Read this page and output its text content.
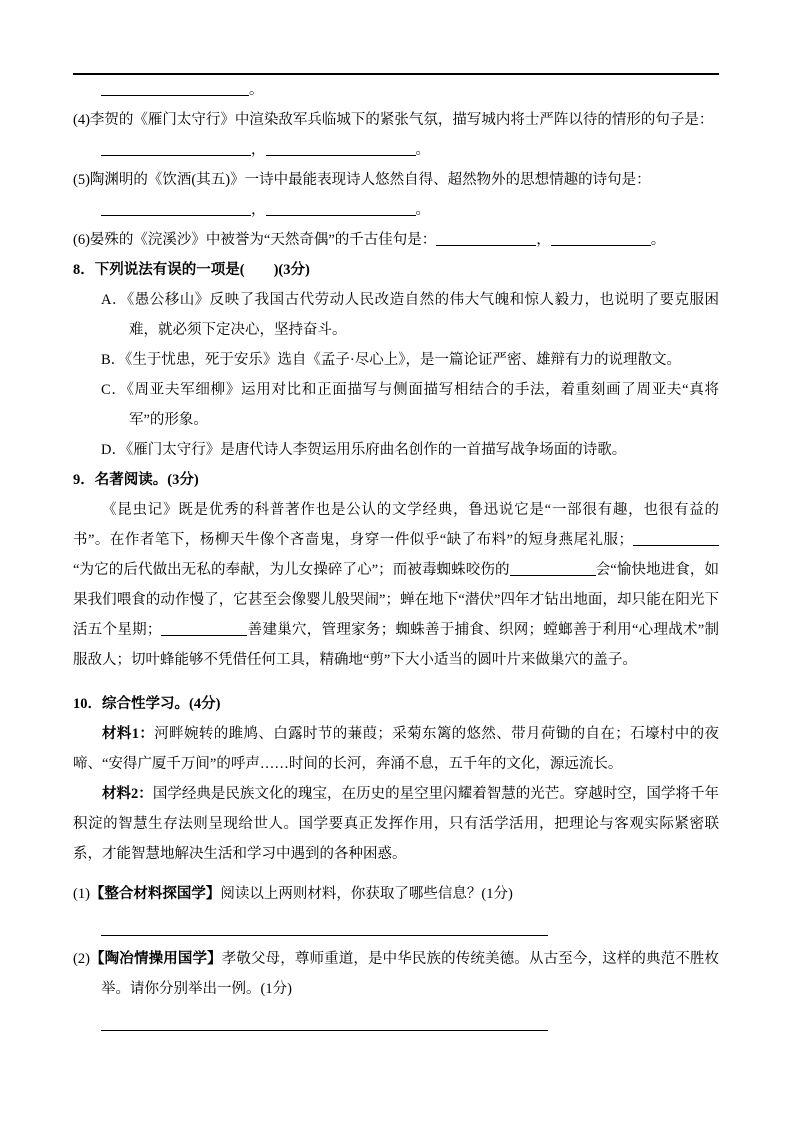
。
(4)李贺的《雁门太守行》中渲染敌军兵临城下的紧张气氛，描写城内将士严阵以待的情形的句子是：
，	。
(5)陶渊明的《饮酒(其五)》一诗中最能表现诗人悠然自得、超然物外的思想情趣的诗句是：
，	。
(6)晏殊的《浣溪沙》中被誉为“天然奇偶”的千古佳句是：	，	。
8．下列说法有误的一项是(　　)(3分)
A．《愚公移山》反映了我国古代劳动人民改造自然的伟大气魄和惊人毅力，也说明了要克服困难，就必须下定决心，坚持奋斗。
B．《生于忧患，死于安乐》选自《孟子·尽心上》，是一篇论证严密、雄辩有力的说理散文。
C．《周亚夫军细柳》运用对比和正面描写与侧面描写相结合的手法，着重刻画了周亚夫“真将军”的形象。
D．《雁门太守行》是唐代诗人李贺运用乐府曲名创作的一首描写战争场面的诗歌。
9．名著阅读。(3分)
《昆虫记》既是优秀的科普著作也是公认的文学经典，鲁迅说它是“一部很有趣，也很有益的书”。在作者笔下，杨柳天牛像个吝啬鬼，身穿一件似乎“缺了布料”的短身燕尾礼服；“为它的后代做出无私的奉献，为儿女操碎了心”；而被毒蜘蛛咬伤的	会“愉快地进食，如果我们喂食的动作慢了，它甚至会像婴儿般哭闹”；蝉在地下“潜伏”四年才钻出地面，却只能在阳光下活五个星期；	善建巢穴，管理家务；蜘蛛善于捕食、织网；螳螂善于利用“心理战术”制服敌人；切叶蜂能够不凭借任何工具，精确地“剪”下大小适当的圆叶片来做巢穴的盖子。
10．综合性学习。(4分)
材料1：河畔婉转的雎鸠、白露时节的蒹葭；采菊东篱的悠然、带月荷锄的自在；石壕村中的夜啼、“安得广厦千万间”的呼声……时间的长河，奔涌不息，五千年的文化，源远流长。
材料2：国学经典是民族文化的瑰宝，在历史的星空里闪耀着智慧的光芒。穿越时空，国学将千年积淀的智慧生存法则呈现给世人。国学要真正发挥作用，只有活学活用，把理论与客观实际紧密联系，才能智慧地解决生活和学习中遇到的各种困惑。
(1)【整合材料探国学】阅读以上两则材料，你获取了哪些信息？(1分)
(2)【陶冶情操用国学】孝敬父母，尊师重道，是中华民族的传统美德。从古至今，这样的典范不胜枚举。请你分别举出一例。(1分)
